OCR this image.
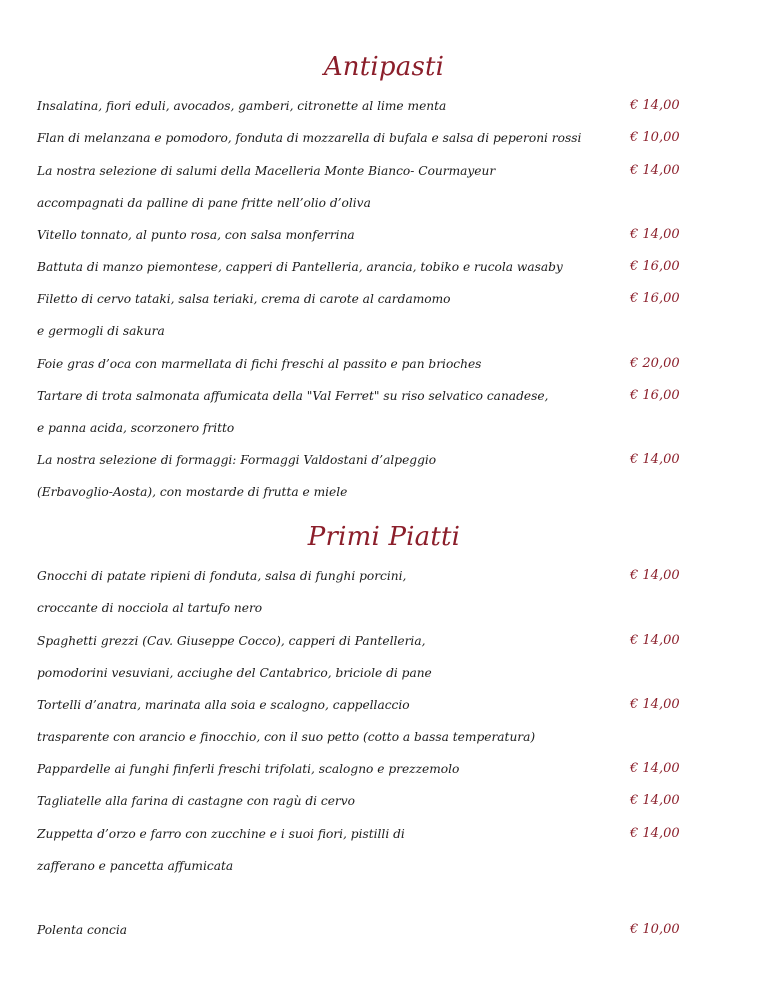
Antipasti
Insalatina, fiori eduli, avocados, gamberi, citronette al lime menta	€ 14,00
Flan di melanzana e pomodoro, fonduta di mozzarella di bufala e salsa di peperoni rossi	€ 10,00
La nostra selezione di salumi della Macelleria Monte Bianco- Courmayeur	€ 14,00
accompagnati da palline di pane fritte nell’olio d’oliva
Vitello tonnato, al punto rosa, con salsa monferrina	€ 14,00
Battuta di manzo piemontese, capperi di Pantelleria, arancia, tobiko e rucola wasaby	€ 16,00
Filetto di cervo tataki, salsa teriaki, crema di carote al cardamomo	€ 16,00
e germogli di sakura
Foie gras d’oca con marmellata di fichi freschi al passito e pan brioches	€ 20,00
Tartare di trota salmonata affumicata della "Val Ferret" su riso selvatico canadese,	€ 16,00
e panna acida, scorzonero fritto
La nostra selezione di formaggi: Formaggi Valdostani d’alpeggio	€ 14,00
(Erbavoglio-Aosta), con mostarde di frutta e miele
Primi Piatti
Gnocchi di patate ripieni di fonduta, salsa di funghi porcini,	€ 14,00
croccante di nocciola al tartufo nero
Spaghetti grezzi (Cav. Giuseppe Cocco), capperi di Pantelleria,	€ 14,00
pomodorini vesuviani, acciughe del Cantabrico, briciole di pane
Tortelli d’anatra, marinata alla soia e scalogno, cappellaccio	€ 14,00
trasparente con arancio e finocchio, con il suo petto (cotto a bassa temperatura)
Pappardelle ai funghi finferli freschi trifolati, scalogno e prezzemolo	€ 14,00
Tagliatelle alla farina di castagne con ragù di cervo	€ 14,00
Zuppetta d’orzo e farro con zucchine e i suoi fiori, pistilli di	€ 14,00
zafferano e pancetta affumicata
Polenta concia	€ 10,00
